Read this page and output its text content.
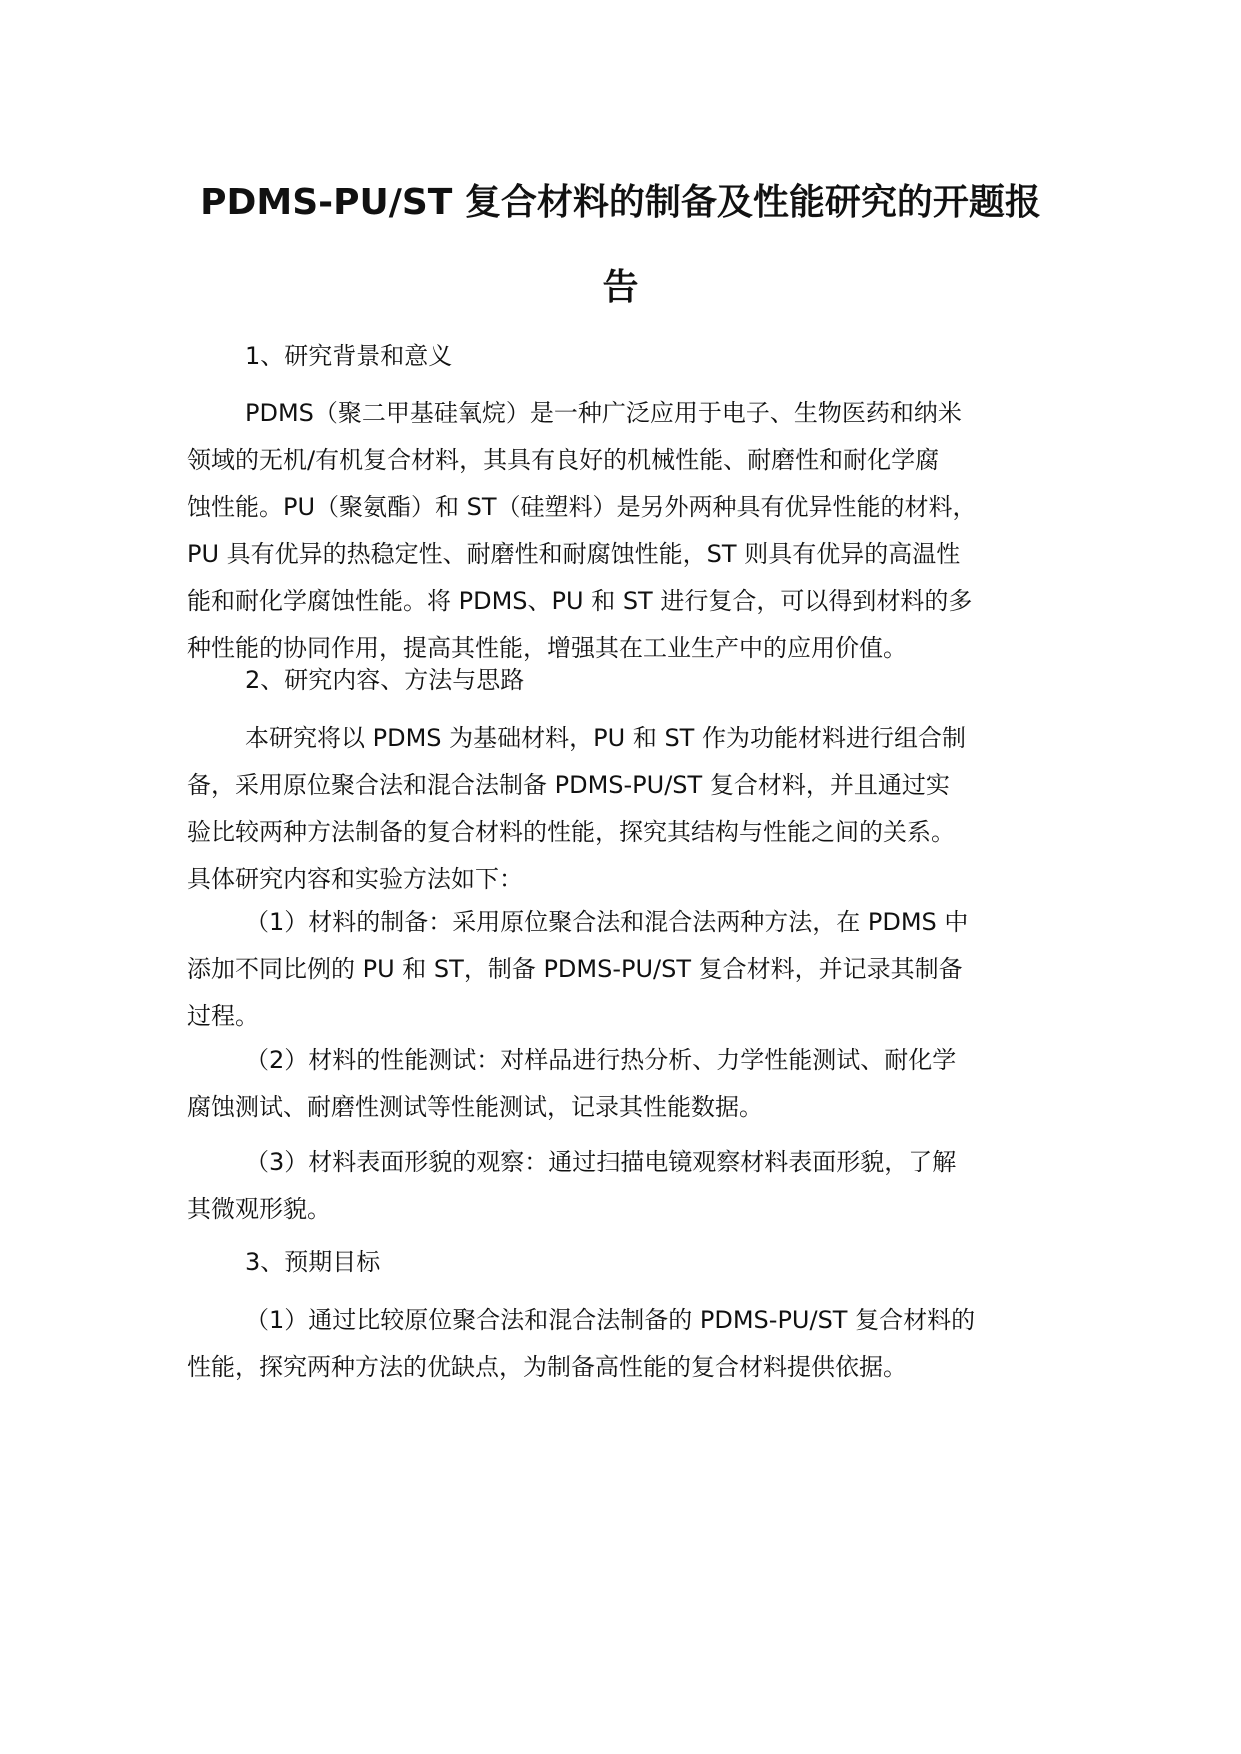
PDMS-PU/ST 复合材料的制备及性能研究的开题报
告

1、研究背景和意义

PDMS（聚二甲基硅氧烷）是一种广泛应用于电子、生物医药和纳米
领域的无机/有机复合材料，其具有良好的机械性能、耐磨性和耐化学腐
蚀性能。PU（聚氨酯）和 ST（硅塑料）是另外两种具有优异性能的材料，
PU 具有优异的热稳定性、耐磨性和耐腐蚀性能，ST 则具有优异的高温性
能和耐化学腐蚀性能。将 PDMS、PU 和 ST 进行复合，可以得到材料的多
种性能的协同作用，提高其性能，增强其在工业生产中的应用价值。

2、研究内容、方法与思路

本研究将以 PDMS 为基础材料，PU 和 ST 作为功能材料进行组合制
备，采用原位聚合法和混合法制备 PDMS-PU/ST 复合材料，并且通过实
验比较两种方法制备的复合材料的性能，探究其结构与性能之间的关系。
具体研究内容和实验方法如下：
（1）材料的制备：采用原位聚合法和混合法两种方法，在 PDMS 中
添加不同比例的 PU 和 ST，制备 PDMS-PU/ST 复合材料，并记录其制备
过程。
（2）材料的性能测试：对样品进行热分析、力学性能测试、耐化学
腐蚀测试、耐磨性测试等性能测试，记录其性能数据。
（3）材料表面形貌的观察：通过扫描电镜观察材料表面形貌，了解
其微观形貌。

3、预期目标

（1）通过比较原位聚合法和混合法制备的 PDMS-PU/ST 复合材料的
性能，探究两种方法的优缺点，为制备高性能的复合材料提供依据。
